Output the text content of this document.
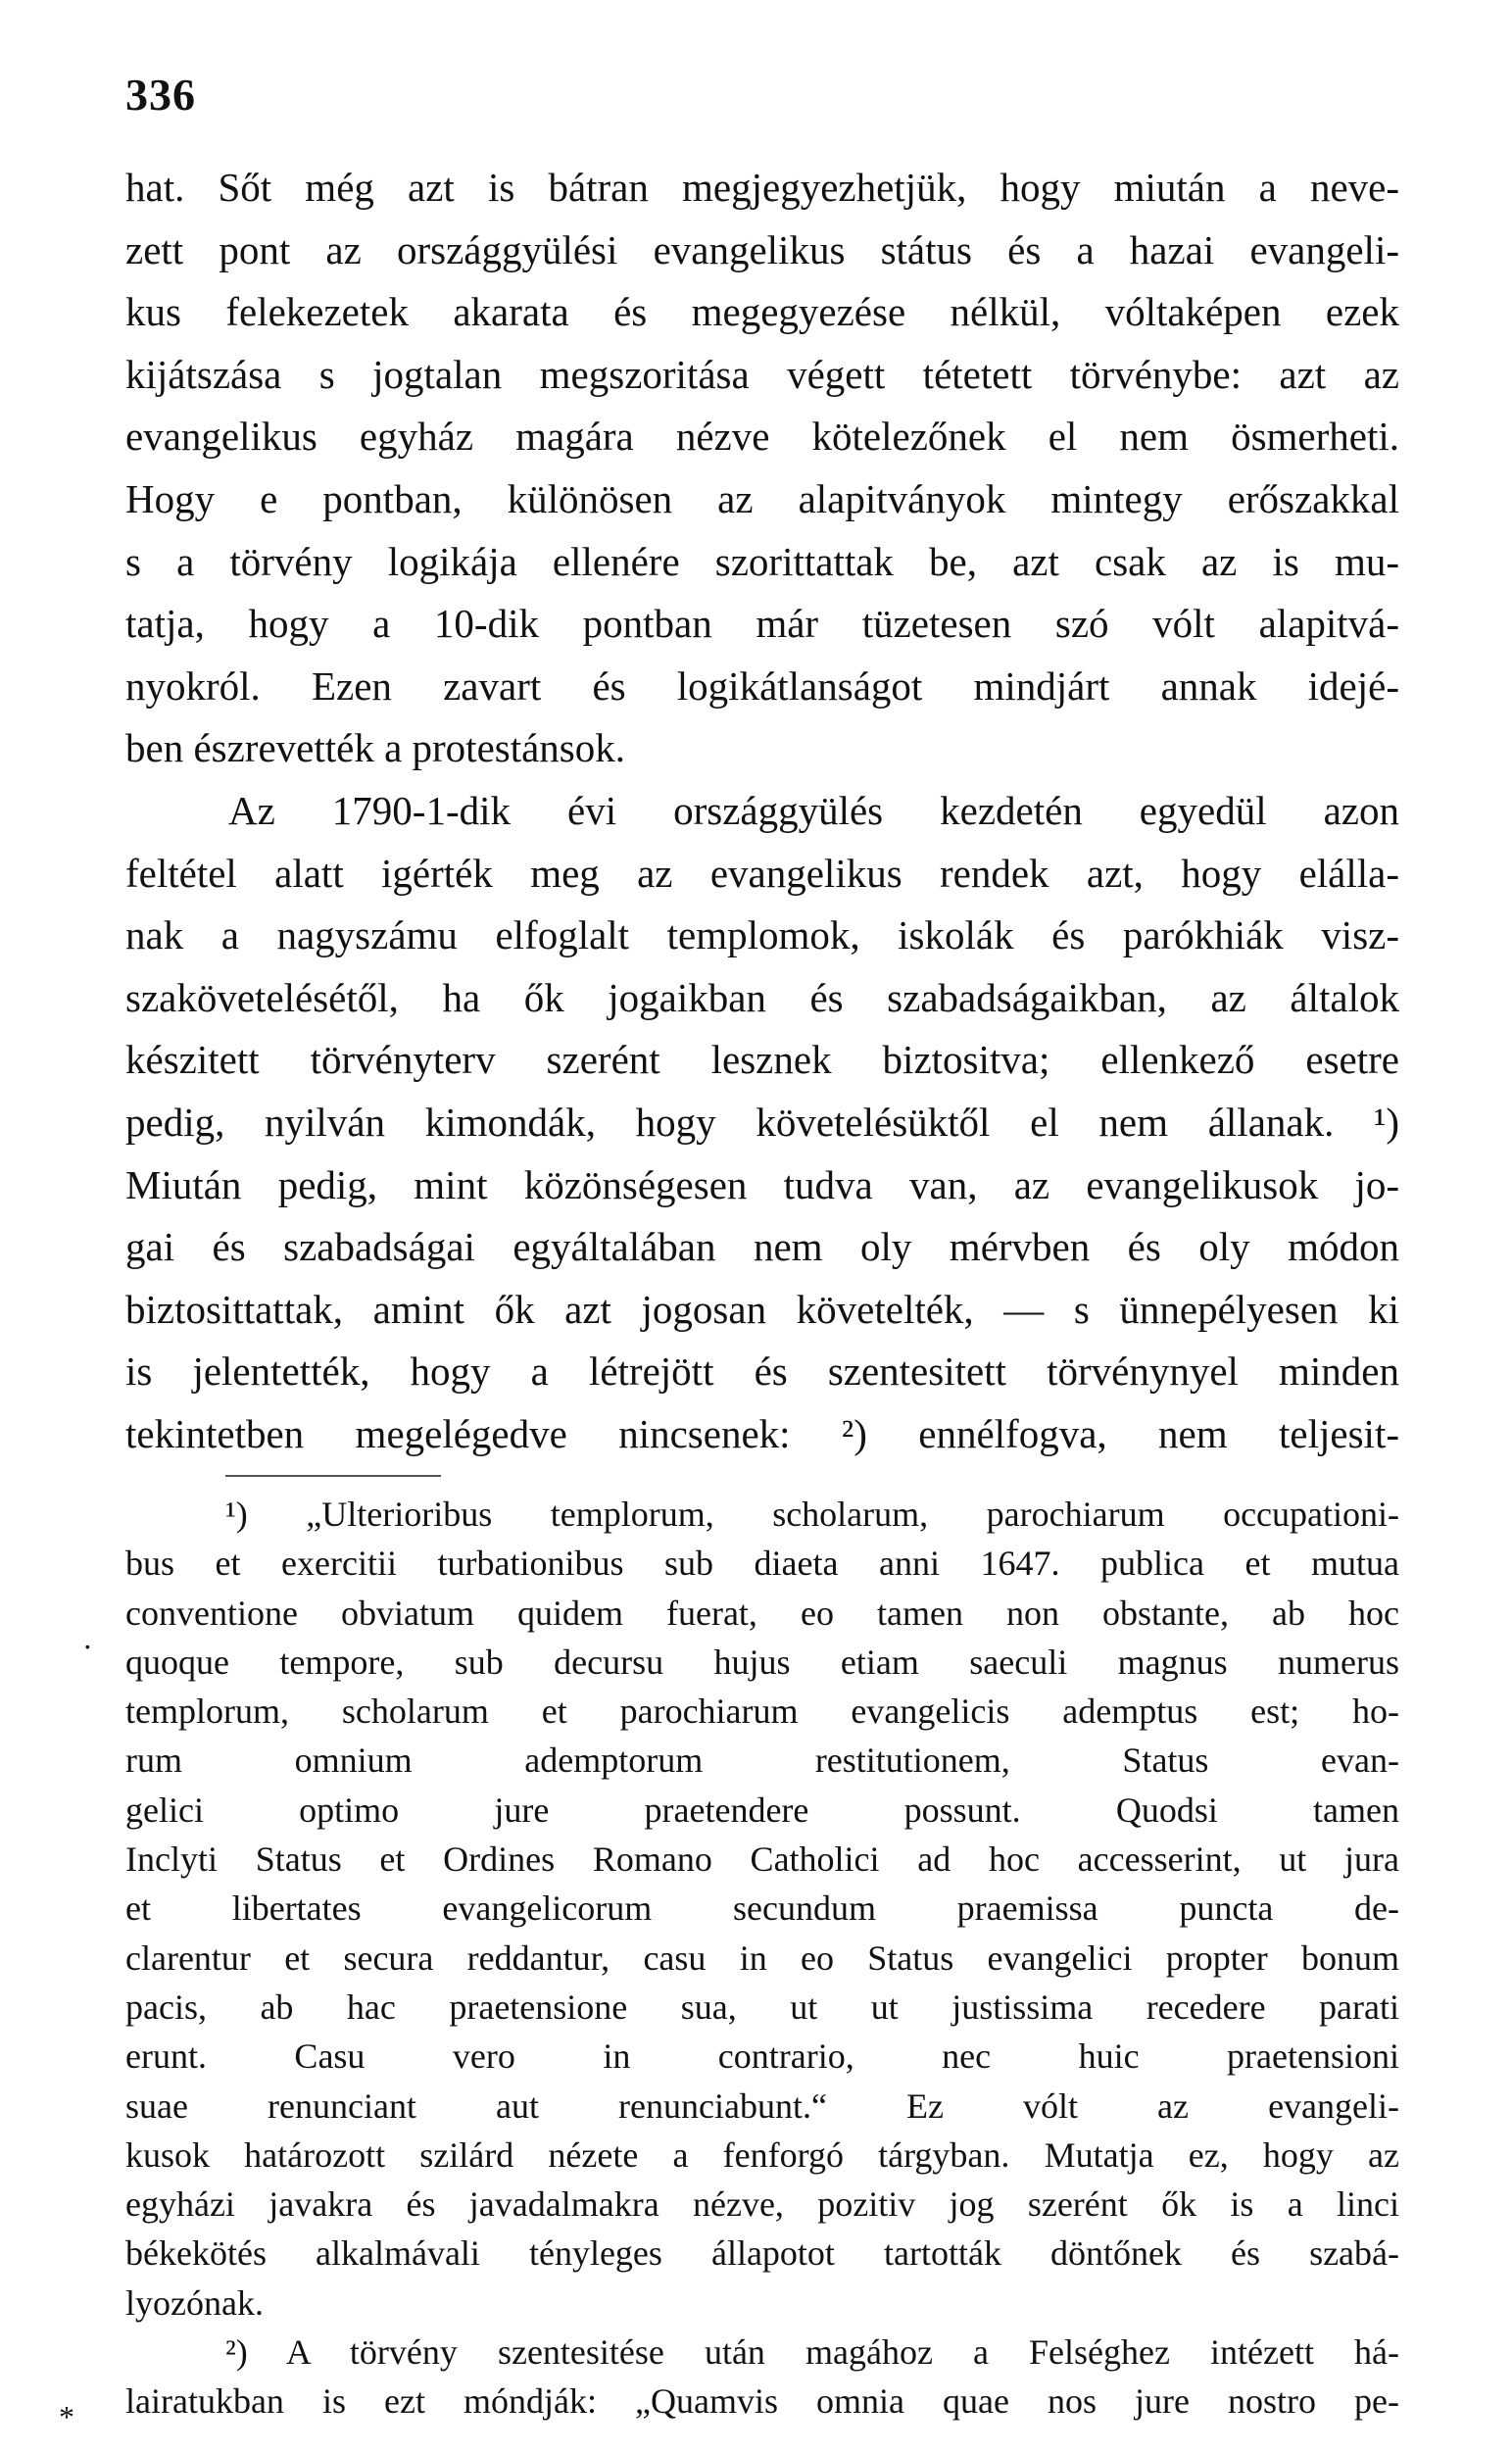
336
hat. Sőt még azt is bátran megjegyezhetjük, hogy miután a neve-
zett pont az országgyülési evangelikus státus és a hazai evangeli-
kus felekezetek akarata és megegyezése nélkül, vóltaképen ezek
kijátszása s jogtalan megszoritása végett tétetett törvénybe: azt az
evangelikus egyház magára nézve kötelezőnek el nem ösmerheti.
Hogy e pontban, különösen az alapitványok mintegy erőszakkal
s a törvény logikája ellenére szorittattak be, azt csak az is mu-
tatja, hogy a 10-dik pontban már tüzetesen szó vólt alapitvá-
nyokról. Ezen zavart és logikátlanságot mindjárt annak idejé-
ben észrevették a protestánsok.
Az 1790-1-dik évi országgyülés kezdetén egyedül azon
feltétel alatt igérték meg az evangelikus rendek azt, hogy elálla-
nak a nagyszámu elfoglalt templomok, iskolák és parókhiák visz-
szakövetelésétől, ha ők jogaikban és szabadságaikban, az általok
készitett törvényterv szerént lesznek biztositva; ellenkező esetre
pedig, nyilván kimondák, hogy követelésüktől el nem állanak. ¹)
Miután pedig, mint közönségesen tudva van, az evangelikusok jo-
gai és szabadságai egyáltalában nem oly mérvben és oly módon
biztosittattak, amint ők azt jogosan követelték, — s ünnepélyesen ki
is jelentették, hogy a létrejött és szentesitett törvénynyel minden
tekintetben megelégedve nincsenek: ²) ennélfogva, nem teljesit-
¹) „Ulterioribus templorum, scholarum, parochiarum occupationi-
bus et exercitii turbationibus sub diaeta anni 1647. publica et mutua
conventione obviatum quidem fuerat, eo tamen non obstante, ab hoc
quoque tempore, sub decursu hujus etiam saeculi magnus numerus
templorum, scholarum et parochiarum evangelicis ademptus est; ho-
rum omnium ademptorum restitutionem, Status evan-
gelici optimo jure praetendere possunt. Quodsi tamen
Inclyti Status et Ordines Romano Catholici ad hoc accesserint, ut jura
et libertates evangelicorum secundum praemissa puncta de-
clarentur et secura reddantur, casu in eo Status evangelici propter bonum
pacis, ab hac praetensione sua, ut ut justissima recedere parati
erunt. Casu vero in contrario, nec huic praetensioni
suae renunciant aut renunciabunt.“ Ez vólt az evangeli-
kusok határozott szilárd nézete a fenforgó tárgyban. Mutatja ez, hogy az
egyházi javakra és javadalmakra nézve, pozitiv jog szerént ők is a linci
békekötés alkalmávali tényleges állapotot tartották döntőnek és szabá-
lyozónak.
²) A törvény szentesitése után magához a Felséghez intézett há-
lairatukban is ezt móndják: „Quamvis omnia quae nos jure nostro pe-
·
*
